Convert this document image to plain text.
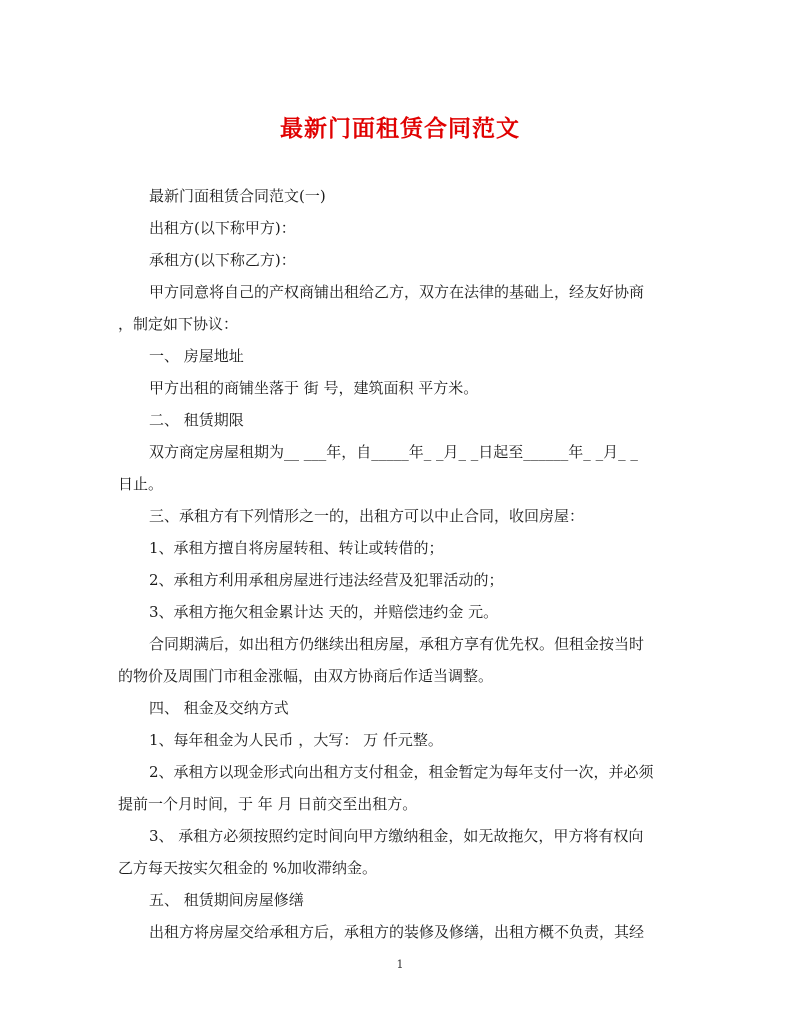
最新门面租赁合同范文

最新门面租赁合同范文(一)

出租方(以下称甲方)：

承租方(以下称乙方)：

甲方同意将自己的产权商铺出租给乙方，双方在法律的基础上，经友好协商

，制定如下协议：

一、 房屋地址

甲方出租的商铺坐落于 街 号，建筑面积 平方米。

二、 租赁期限

双方商定房屋租期为__ ___年，自_____年_ _月_ _日起至______年_ _月_ _

日止。

三、承租方有下列情形之一的，出租方可以中止合同，收回房屋：

1、承租方擅自将房屋转租、转让或转借的；

2、承租方利用承租房屋进行违法经营及犯罪活动的；

3、承租方拖欠租金累计达 天的，并赔偿违约金 元。

合同期满后，如出租方仍继续出租房屋，承租方享有优先权。但租金按当时

的物价及周围门市租金涨幅，由双方协商后作适当调整。

四、 租金及交纳方式

1、每年租金为人民币 ，大写： 万 仟元整。

2、承租方以现金形式向出租方支付租金，租金暂定为每年支付一次，并必须

提前一个月时间，于 年 月 日前交至出租方。

3、 承租方必须按照约定时间向甲方缴纳租金，如无故拖欠，甲方将有权向

乙方每天按实欠租金的 %加收滞纳金。

五、 租赁期间房屋修缮

出租方将房屋交给承租方后，承租方的装修及修缮，出租方概不负责，其经

1
